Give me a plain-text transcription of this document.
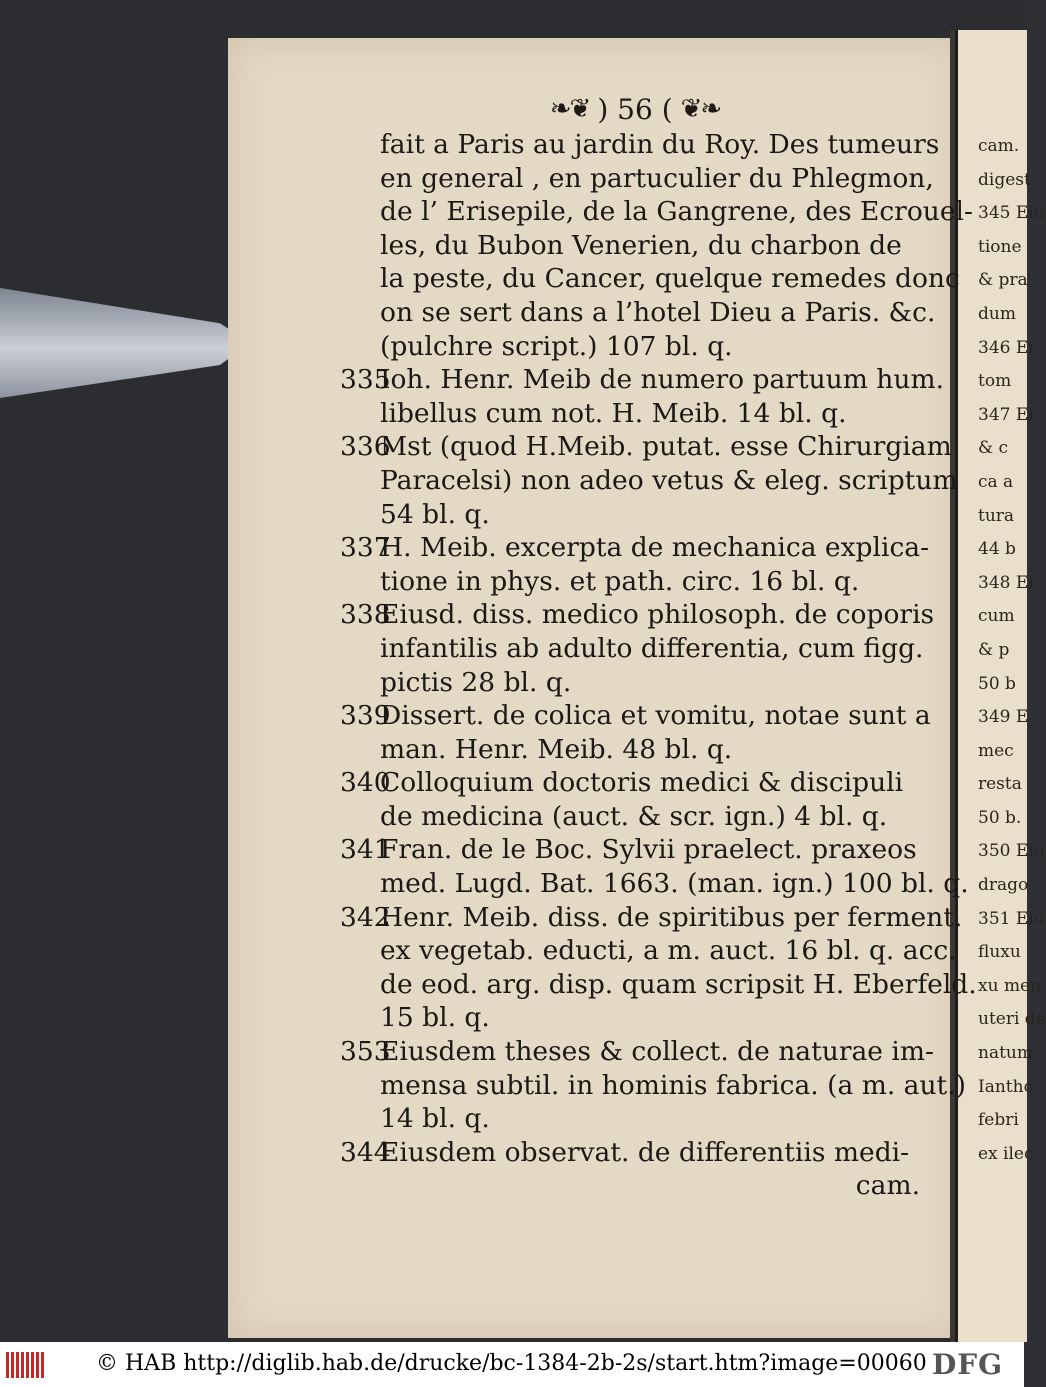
cam.
digest
345 Eiu
tione
& pra
dum
346 Ei
tom
347 Ei
& c
ca a
tura
44 b
348 Ei
cum
& p
50 b
349 E
mec
resta
50 b.
350 Eiu
drago
351 Eiu
fluxu
xu men
uteri de
natum
Iantho
febri
ex ilec
❧❦ ) 56 ( ❦❧
fait a Paris au jardin du Roy. Des tumeurs
en general , en partuculier du Phlegmon,
de l’ Erisepile, de la Gangrene, des Ecrouel-
les, du Bubon Venerien, du charbon de
la peste, du Cancer, quelque remedes donc
on se sert dans a l’hotel Dieu a Paris. &c.
(pulchre script.) 107 bl. q.
335Ioh. Henr. Meib de numero partuum hum.
libellus cum not. H. Meib. 14 bl. q.
336Mst (quod H.Meib. putat. esse Chirurgiam
Paracelsi) non adeo vetus & eleg. scriptum
54 bl. q.
337H. Meib. excerpta de mechanica explica-
tione in phys. et path. circ. 16 bl. q.
338Eiusd. diss. medico philosoph. de coporis
infantilis ab adulto differentia, cum figg.
pictis 28 bl. q.
339Dissert. de colica et vomitu, notae sunt a
man. Henr. Meib. 48 bl. q.
340Colloquium doctoris medici & discipuli
de medicina (auct. & scr. ign.) 4 bl. q.
341Fran. de le Boc. Sylvii praelect. praxeos
med. Lugd. Bat. 1663. (man. ign.) 100 bl. q.
342Henr. Meib. diss. de spiritibus per ferment.
ex vegetab. educti, a m. auct. 16 bl. q. acc.
de eod. arg. disp. quam scripsit H. Eberfeld.
15 bl. q.
353Eiusdem theses & collect. de naturae im-
mensa subtil. in hominis fabrica. (a m. aut.)
14 bl. q.
344Eiusdem observat. de differentiis medi-
cam.
© HAB http://diglib.hab.de/drucke/bc-1384-2b-2s/start.htm?image=00060 DFG
